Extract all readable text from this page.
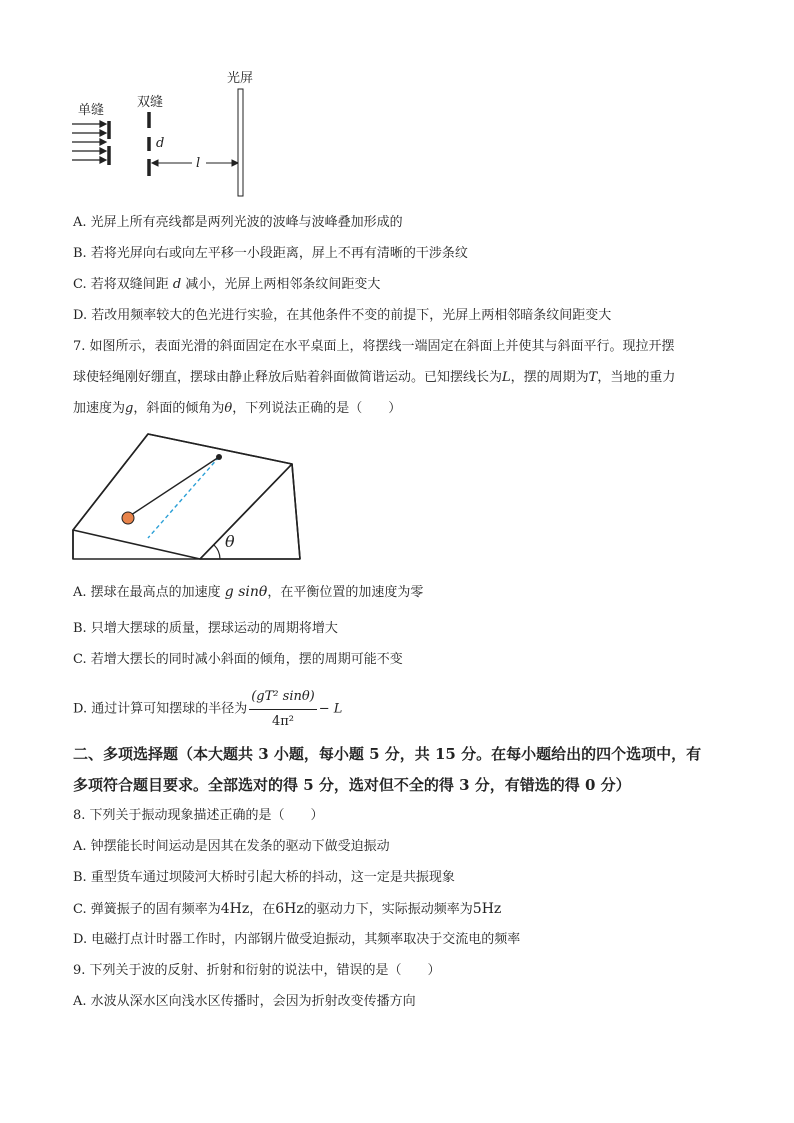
单缝
双缝
光屏
d
l
A. 光屏上所有亮线都是两列光波的波峰与波峰叠加形成的
B. 若将光屏向右或向左平移一小段距离，屏上不再有清晰的干涉条纹
C. 若将双缝间距 d 减小，光屏上两相邻条纹间距变大
D. 若改用频率较大的色光进行实验，在其他条件不变的前提下，光屏上两相邻暗条纹间距变大
7. 如图所示，表面光滑的斜面固定在水平桌面上，将摆线一端固定在斜面上并使其与斜面平行。现拉开摆
球使轻绳刚好绷直，摆球由静止释放后贴着斜面做简谐运动。已知摆线长为L，摆的周期为T，当地的重力
加速度为g，斜面的倾角为θ，下列说法正确的是（　　）
θ
A. 摆球在最高点的加速度 g sinθ，在平衡位置的加速度为零
B. 只增大摆球的质量，摆球运动的周期将增大
C. 若增大摆长的同时减小斜面的倾角，摆的周期可能不变
D. 通过计算可知摆球的半径为 $\frac{\text{(gT² sinθ)}}{\text{4π²}} - L$
二、多项选择题（本大题共 3 小题，每小题 5 分，共 15 分。在每小题给出的四个选项中，有
多项符合题目要求。全部选对的得 5 分，选对但不全的得 3 分，有错选的得 0 分）
8. 下列关于振动现象描述正确的是（　　）
A. 钟摆能长时间运动是因其在发条的驱动下做受迫振动
B. 重型货车通过坝陵河大桥时引起大桥的抖动，这一定是共振现象
C. 弹簧振子的固有频率为4Hz，在6Hz的驱动力下，实际振动频率为5Hz
D. 电磁打点计时器工作时，内部钢片做受迫振动，其频率取决于交流电的频率
9. 下列关于波的反射、折射和衍射的说法中，错误的是（　　）
A. 水波从深水区向浅水区传播时，会因为折射改变传播方向
